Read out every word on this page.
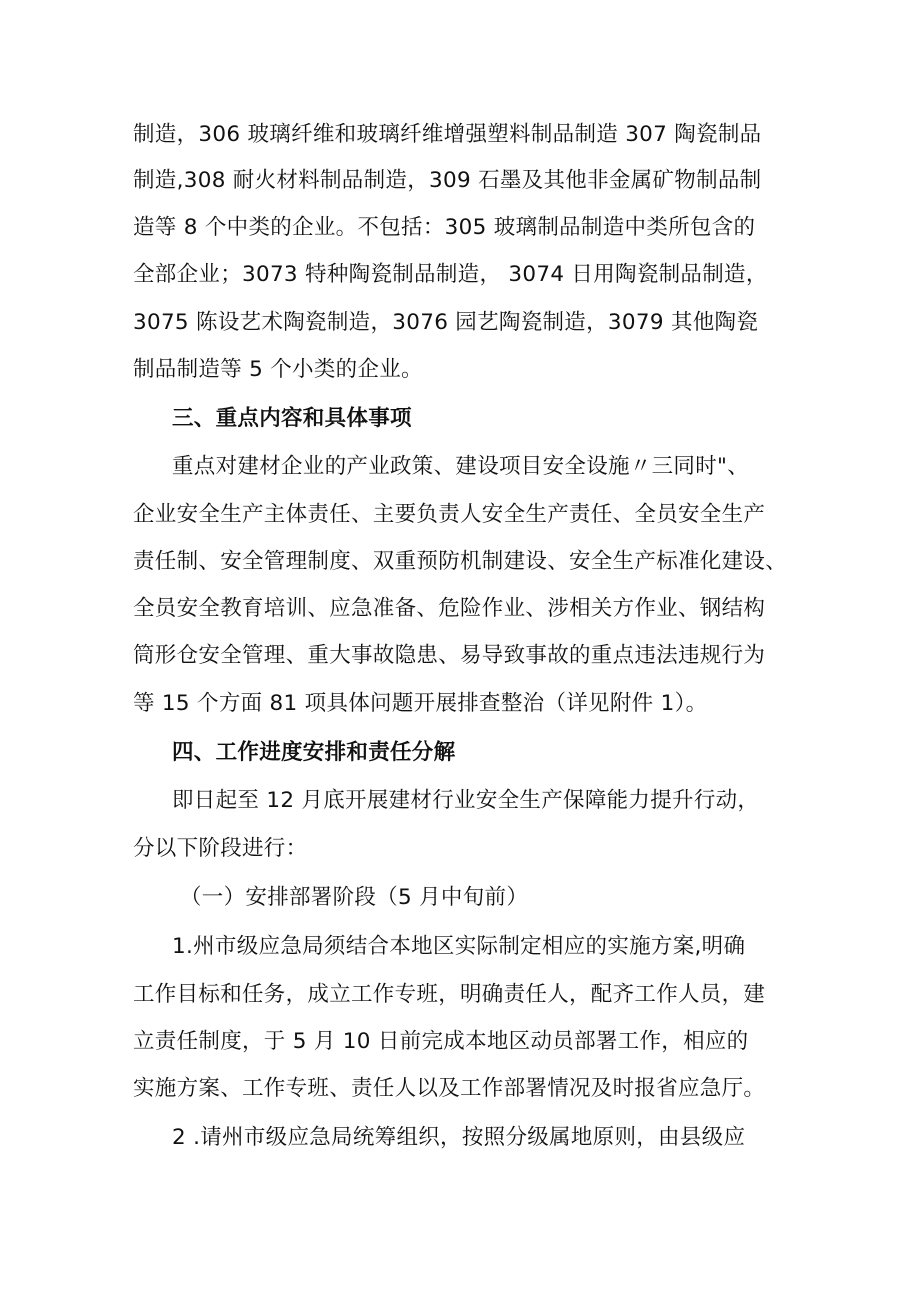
制造，306 玻璃纤维和玻璃纤维增强塑料制品制造 307 陶瓷制品
制造,308 耐火材料制品制造，309 石墨及其他非金属矿物制品制
造等 8 个中类的企业。不包括：305 玻璃制品制造中类所包含的
全部企业；3073 特种陶瓷制品制造， 3074 日用陶瓷制品制造，
3075 陈设艺术陶瓷制造，3076 园艺陶瓷制造，3079 其他陶瓷
制品制造等 5 个小类的企业。
三、重点内容和具体事项
重点对建材企业的产业政策、建设项目安全设施〃三同时"、
企业安全生产主体责任、主要负责人安全生产责任、全员安全生产
责任制、安全管理制度、双重预防机制建设、安全生产标准化建设、
全员安全教育培训、应急准备、危险作业、涉相关方作业、钢结构
筒形仓安全管理、重大事故隐患、易导致事故的重点违法违规行为
等 15 个方面 81 项具体问题开展排查整治（详见附件 1）。
四、工作进度安排和责任分解
即日起至 12 月底开展建材行业安全生产保障能力提升行动，
分以下阶段进行：
（一）安排部署阶段（5 月中旬前）
1.州市级应急局须结合本地区实际制定相应的实施方案,明确
工作目标和任务，成立工作专班，明确责任人，配齐工作人员，建
立责任制度，于 5 月 10 日前完成本地区动员部署工作，相应的
实施方案、工作专班、责任人以及工作部署情况及时报省应急厅。
2 .请州市级应急局统筹组织，按照分级属地原则，由县级应
